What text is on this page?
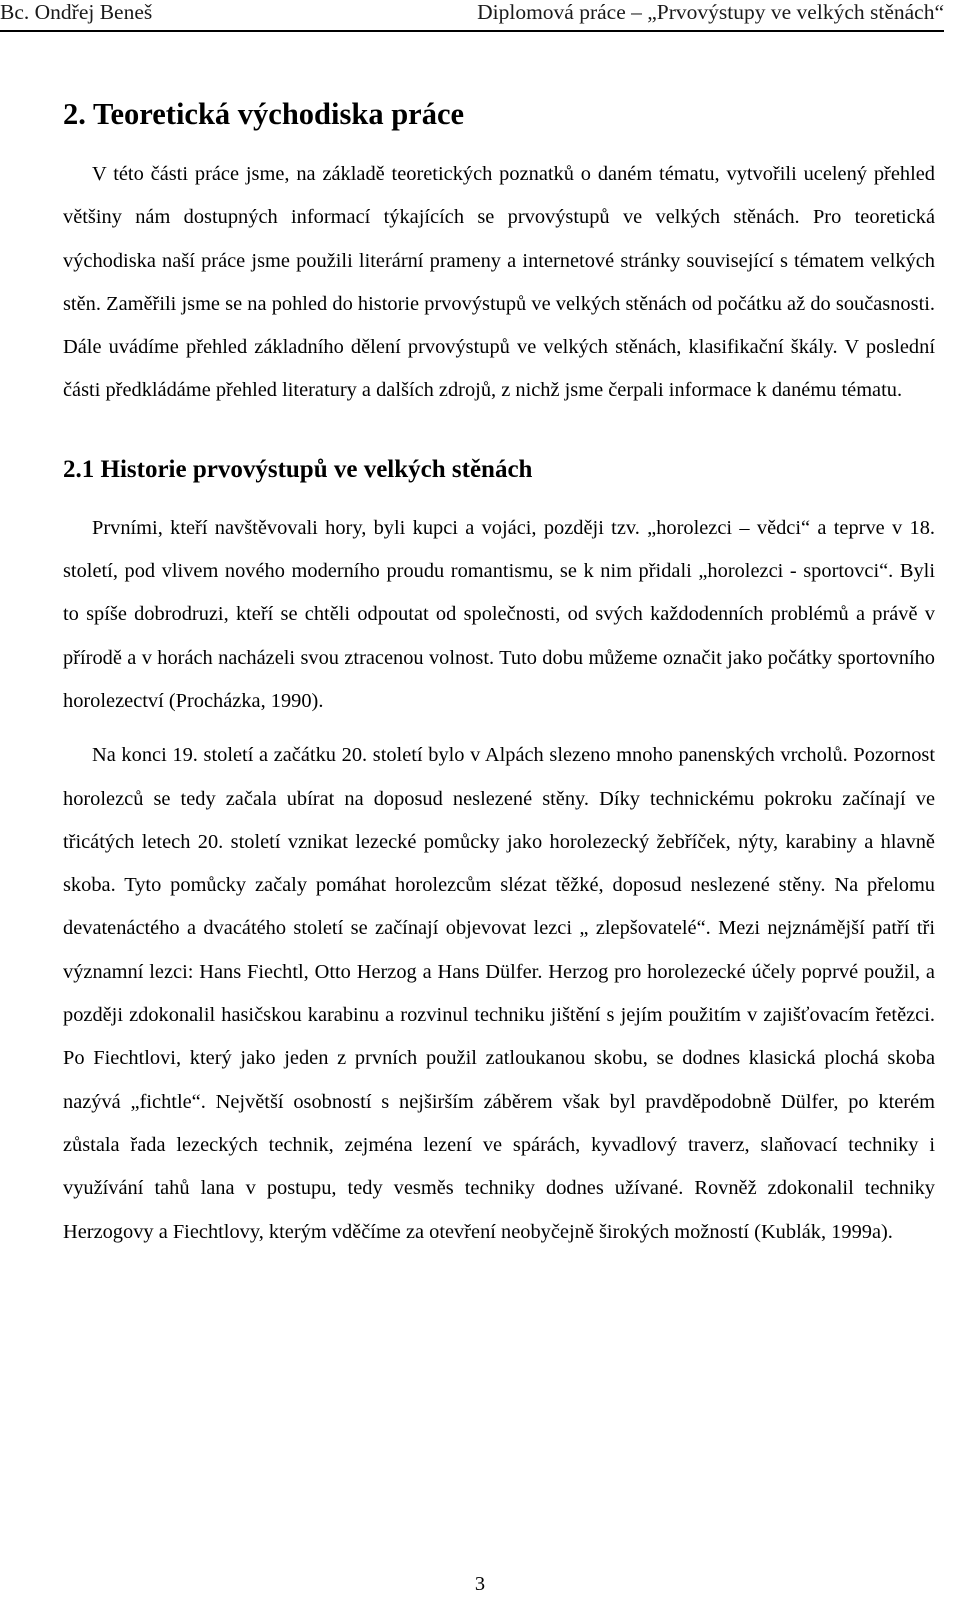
Bc. Ondřej Beneš	Diplomová práce – „Prvovýstupy ve velkých stěnách“
2. Teoretická východiska práce

V této části práce jsme, na základě teoretických poznatků o daném tématu, vytvořili ucelený přehled většiny nám dostupných informací týkajících se prvovýstupů ve velkých stěnách. Pro teoretická východiska naší práce jsme použili literární prameny a internetové stránky související s tématem velkých stěn. Zaměřili jsme se na pohled do historie prvovýstupů ve velkých stěnách od počátku až do současnosti. Dále uvádíme přehled základního dělení prvovýstupů ve velkých stěnách, klasifikační škály. V poslední části předkládáme přehled literatury a dalších zdrojů, z nichž jsme čerpali informace k danému tématu.

2.1 Historie prvovýstupů ve velkých stěnách

Prvními, kteří navštěvovali hory, byli kupci a vojáci, později tzv. „horolezci – vědci“ a teprve v 18. století, pod vlivem nového moderního proudu romantismu, se k nim přidali „horolezci - sportovci“. Byli to spíše dobrodruzi, kteří se chtěli odpoutat od společnosti, od svých každodenních problémů a právě v přírodě a v horách nacházeli svou ztracenou volnost. Tuto dobu můžeme označit jako počátky sportovního horolezectví (Procházka, 1990).

Na konci 19. století a začátku 20. století bylo v Alpách slezeno mnoho panenských vrcholů. Pozornost horolezců se tedy začala ubírat na doposud neslezené stěny. Díky technickému pokroku začínají ve třicátých letech 20. století vznikat lezecké pomůcky jako horolezecký žebříček, nýty, karabiny a hlavně skoba. Tyto pomůcky začaly pomáhat horolezcům slézat těžké, doposud neslezené stěny. Na přelomu devatenáctého a dvacátého století se začínají objevovat lezci „ zlepšovatelé“. Mezi nejznámější patří tři významní lezci: Hans Fiechtl, Otto Herzog a Hans Dülfer. Herzog pro horolezecké účely poprvé použil, a později zdokonalil hasičskou karabinu a rozvinul techniku jištění s jejím použitím v zajišťovacím řetězci. Po Fiechtlovi, který jako jeden z prvních použil zatloukanou skobu, se dodnes klasická plochá skoba nazývá „fichtle“. Největší osobností s nejširším záběrem však byl pravděpodobně Dülfer, po kterém zůstala řada lezeckých technik, zejména lezení ve spárách, kyvadlový traverz, slaňovací techniky i využívání tahů lana v postupu, tedy vesměs techniky dodnes užívané. Rovněž zdokonalil techniky Herzogovy a Fiechtlovy, kterým vděčíme za otevření neobyčejně širokých možností (Kublák, 1999a).

3
